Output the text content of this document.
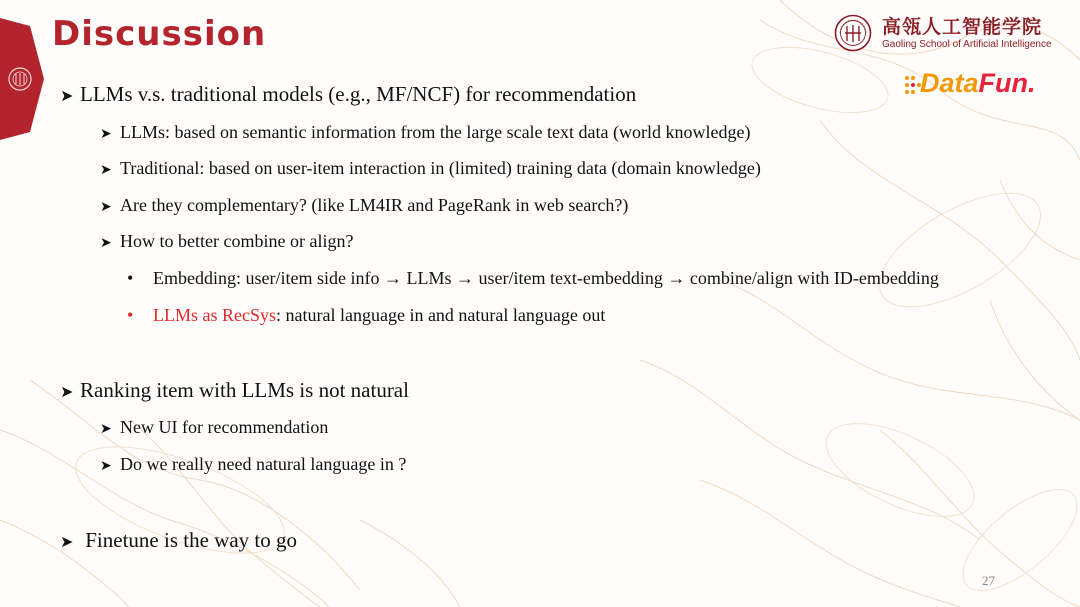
Discussion	高瓴人工智能学院
Gaoling School of Artificial Intelligence
DataFun.
➤ LLMs v.s. traditional models (e.g., MF/NCF) for recommendation
➤ LLMs: based on semantic information from the large scale text data (world knowledge)
➤ Traditional: based on user-item interaction in (limited) training data (domain knowledge)
➤ Are they complementary? (like LM4IR and PageRank in web search?)
➤ How to better combine or align?
• Embedding: user/item side info → LLMs → user/item text-embedding → combine/align with ID-embedding
• LLMs as RecSys: natural language in and natural language out
➤ Ranking item with LLMs is not natural
➤ New UI for recommendation
➤ Do we really need natural language in ?
➤ Finetune is the way to go
27
